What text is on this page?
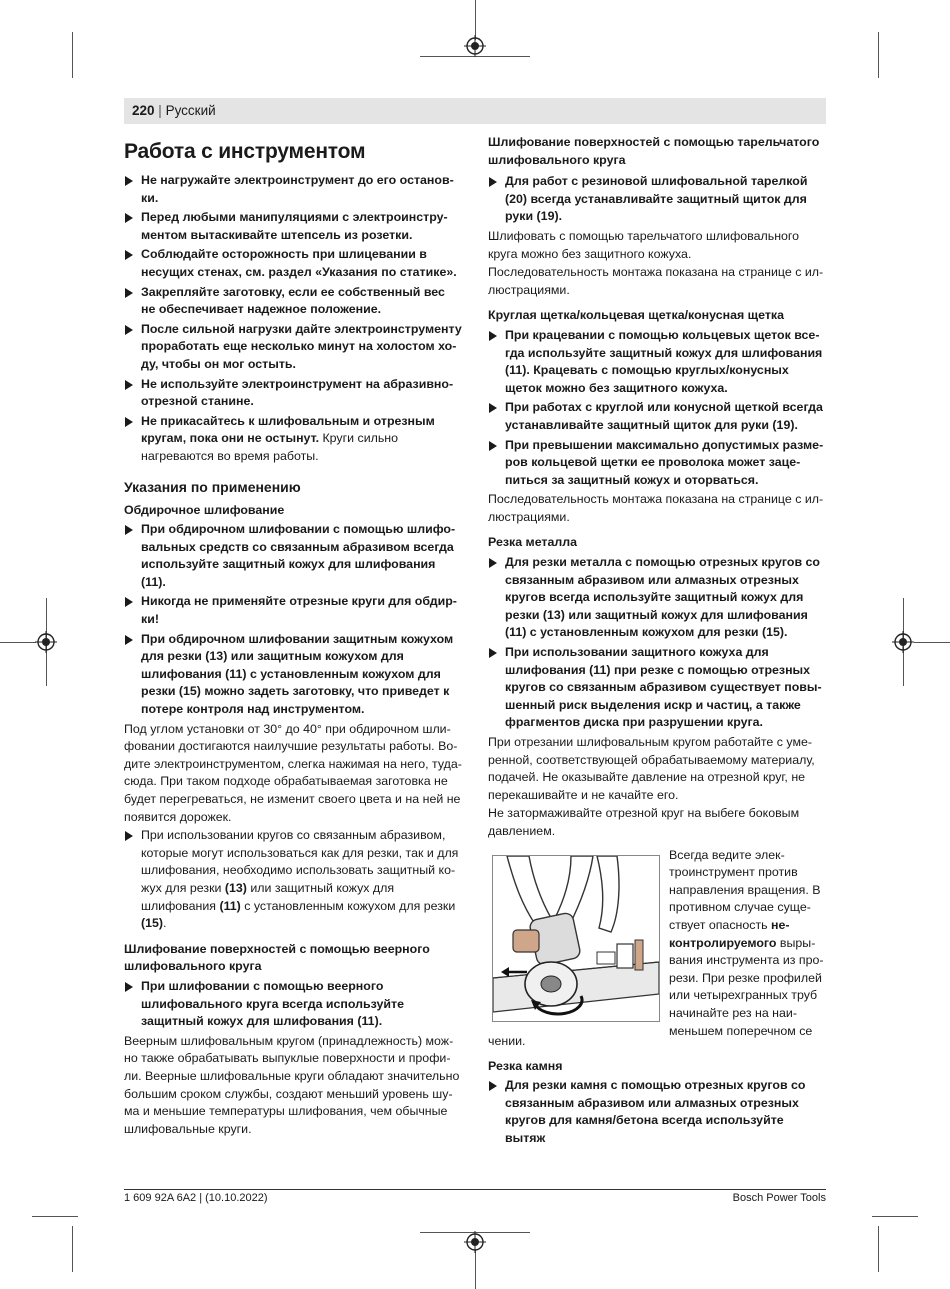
220 | Русский
Работа с инструментом
Не нагружайте электроинструмент до его остановки.
Перед любыми манипуляциями с электроинструментом вытаскивайте штепсель из розетки.
Соблюдайте осторожность при шлицевании в несущих стенах, см. раздел «Указания по статике».
Закрепляйте заготовку, если ее собственный вес не обеспечивает надежное положение.
После сильной нагрузки дайте электроинструменту проработать еще несколько минут на холостом ходу, чтобы он мог остыть.
Не используйте электроинструмент на абразивноотрезной станине.
Не прикасайтесь к шлифовальным и отрезным кругам, пока они не остынут. Круги сильно нагреваются во время работы.
Указания по применению
Обдирочное шлифование
При обдирочном шлифовании с помощью шлифовальных средств со связанным абразивом всегда используйте защитный кожух для шлифования (11).
Никогда не применяйте отрезные круги для обдирки!
При обдирочном шлифовании защитным кожухом для резки (13) или защитным кожухом для шлифования (11) с установленным кожухом для резки (15) можно задеть заготовку, что приведет к потере контроля над инструментом.

Под углом установки от 30° до 40° при обдирочном шлифовании достигаются наилучшие результаты работы. Водите электроинструментом, слегка нажимая на него, туда-сюда. При таком подходе обрабатываемая заготовка не будет перегреваться, не изменит своего цвета и на ней не появится дорожек.

При использовании кругов со связанным абразивом, которые могут использоваться как для резки, так и для шлифования, необходимо использовать защитный кожух для резки (13) или защитный кожух для шлифования (11) с установленным кожухом для резки (15).
Шлифование поверхностей с помощью веерного шлифовального круга
При шлифовании с помощью веерного шлифовального круга всегда используйте защитный кожух для шлифования (11).

Веерным шлифовальным кругом (принадлежность) можно также обрабатывать выпуклые поверхности и профили. Веерные шлифовальные круги обладают значительно большим сроком службы, создают меньший уровень шума и меньшие температуры шлифования, чем обычные шлифовальные круги.

Шлифование поверхностей с помощью тарельчатого шлифовального круга
Для работ с резиновой шлифовальной тарелкой (20) всегда устанавливайте защитный щиток для руки (19).

Шлифовать с помощью тарельчатого шлифовального круга можно без защитного кожуха.

Последовательность монтажа показана на странице с иллюстрациями.

Круглая щетка/кольцевая щетка/конусная щетка
При крацевании с помощью кольцевых щеток всегда используйте защитный кожух для шлифования (11). Крацевать с помощью круглых/конусных щеток можно без защитного кожуха.
При работах с круглой или конусной щеткой всегда устанавливайте защитный щиток для руки (19).
При превышении максимально допустимых размеров кольцевой щетки ее проволока может зацепиться за защитный кожух и оторваться.

Последовательность монтажа показана на странице с иллюстрациями.

Резка металла
Для резки металла с помощью отрезных кругов со связанным абразивом или алмазных отрезных кругов всегда используйте защитный кожух для резки (13) или защитный кожух для шлифования (11) с установленным кожухом для резки (15).
При использовании защитного кожуха для шлифования (11) при резке с помощью отрезных кругов со связанным абразивом существует повышенный риск выделения искр и частиц, а также фрагментов диска при разрушении круга.

При отрезании шлифовальным кругом работайте с умеренной, соответствующей обрабатываемому материалу, подачей. Не оказывайте давление на отрезной круг, не перекашивайте и не качайте его.

Не затормаживайте отрезной круг на выбеге боковым давлением.

Всегда ведите электроинструмент против направления вращения. В противном случае существует опасность неконтролируемого вырывания инструмента из прорези. При резке профилей или четырехгранных труб начинайте рез на наименьшем поперечном се
чении.
Резка камня
Для резки камня с помощью отрезных кругов со связанным абразивом или алмазных отрезных кругов для камня/бетона всегда используйте вытяж
1 609 92A 6A2 | (10.10.2022)	Bosch Power Tools
